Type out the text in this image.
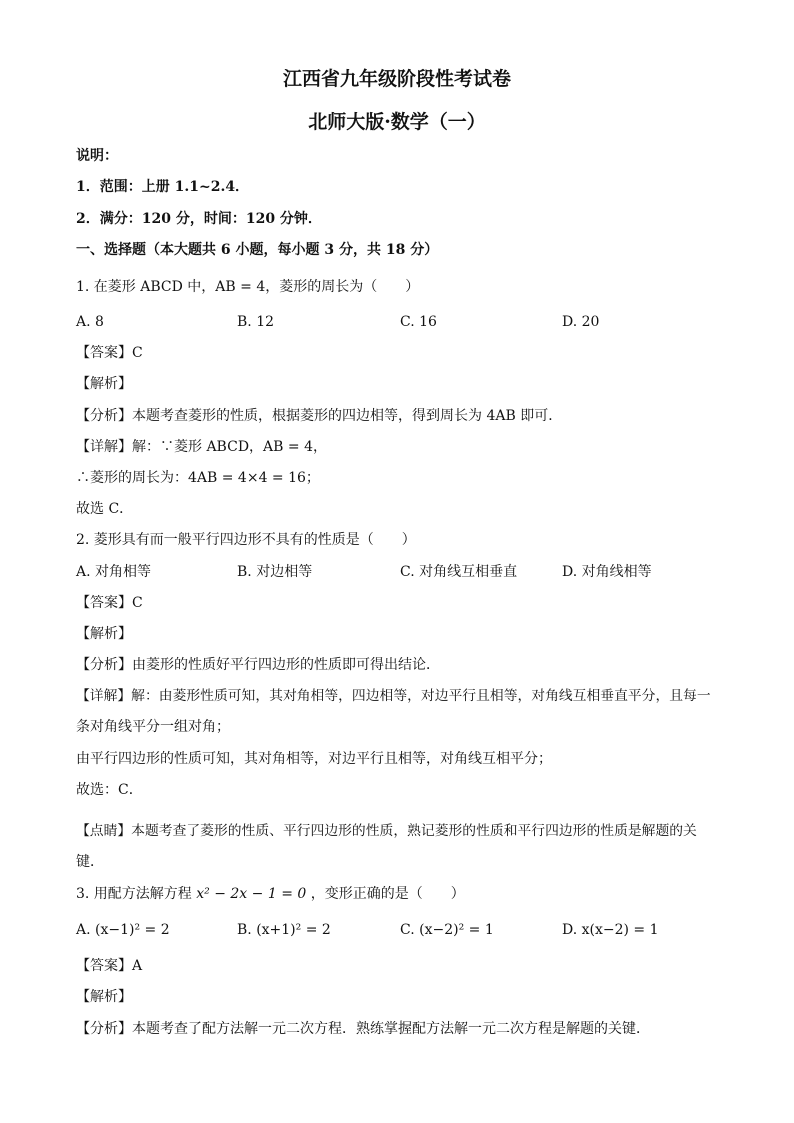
江西省九年级阶段性考试卷
北师大版·数学（一）
说明：
1．范围：上册 1.1~2.4．
2．满分：120 分，时间：120 分钟．
一、选择题（本大题共 6 小题，每小题 3 分，共 18 分）
1. 在菱形 ABCD 中，AB = 4，菱形的周长为（　　）
A. 8	B. 12	C. 16	D. 20
【答案】C
【解析】
【分析】本题考查菱形的性质，根据菱形的四边相等，得到周长为 4AB 即可．
【详解】解：∵菱形 ABCD，AB = 4，
∴菱形的周长为：4AB = 4×4 = 16；
故选 C．
2. 菱形具有而一般平行四边形不具有的性质是（　　）
A. 对角相等	B. 对边相等	C. 对角线互相垂直	D. 对角线相等
【答案】C
【解析】
【分析】由菱形的性质好平行四边形的性质即可得出结论．
【详解】解：由菱形性质可知，其对角相等，四边相等，对边平行且相等，对角线互相垂直平分，且每一
条对角线平分一组对角；
由平行四边形的性质可知，其对角相等，对边平行且相等，对角线互相平分；
故选：C．
【点睛】本题考查了菱形的性质、平行四边形的性质，熟记菱形的性质和平行四边形的性质是解题的关
键．
3. 用配方法解方程 x² − 2x − 1 = 0 ，变形正确的是（　　）
A. (x−1)² = 2	B. (x+1)² = 2	C. (x−2)² = 1	D. x(x−2) = 1
【答案】A
【解析】
【分析】本题考查了配方法解一元二次方程．熟练掌握配方法解一元二次方程是解题的关键．
